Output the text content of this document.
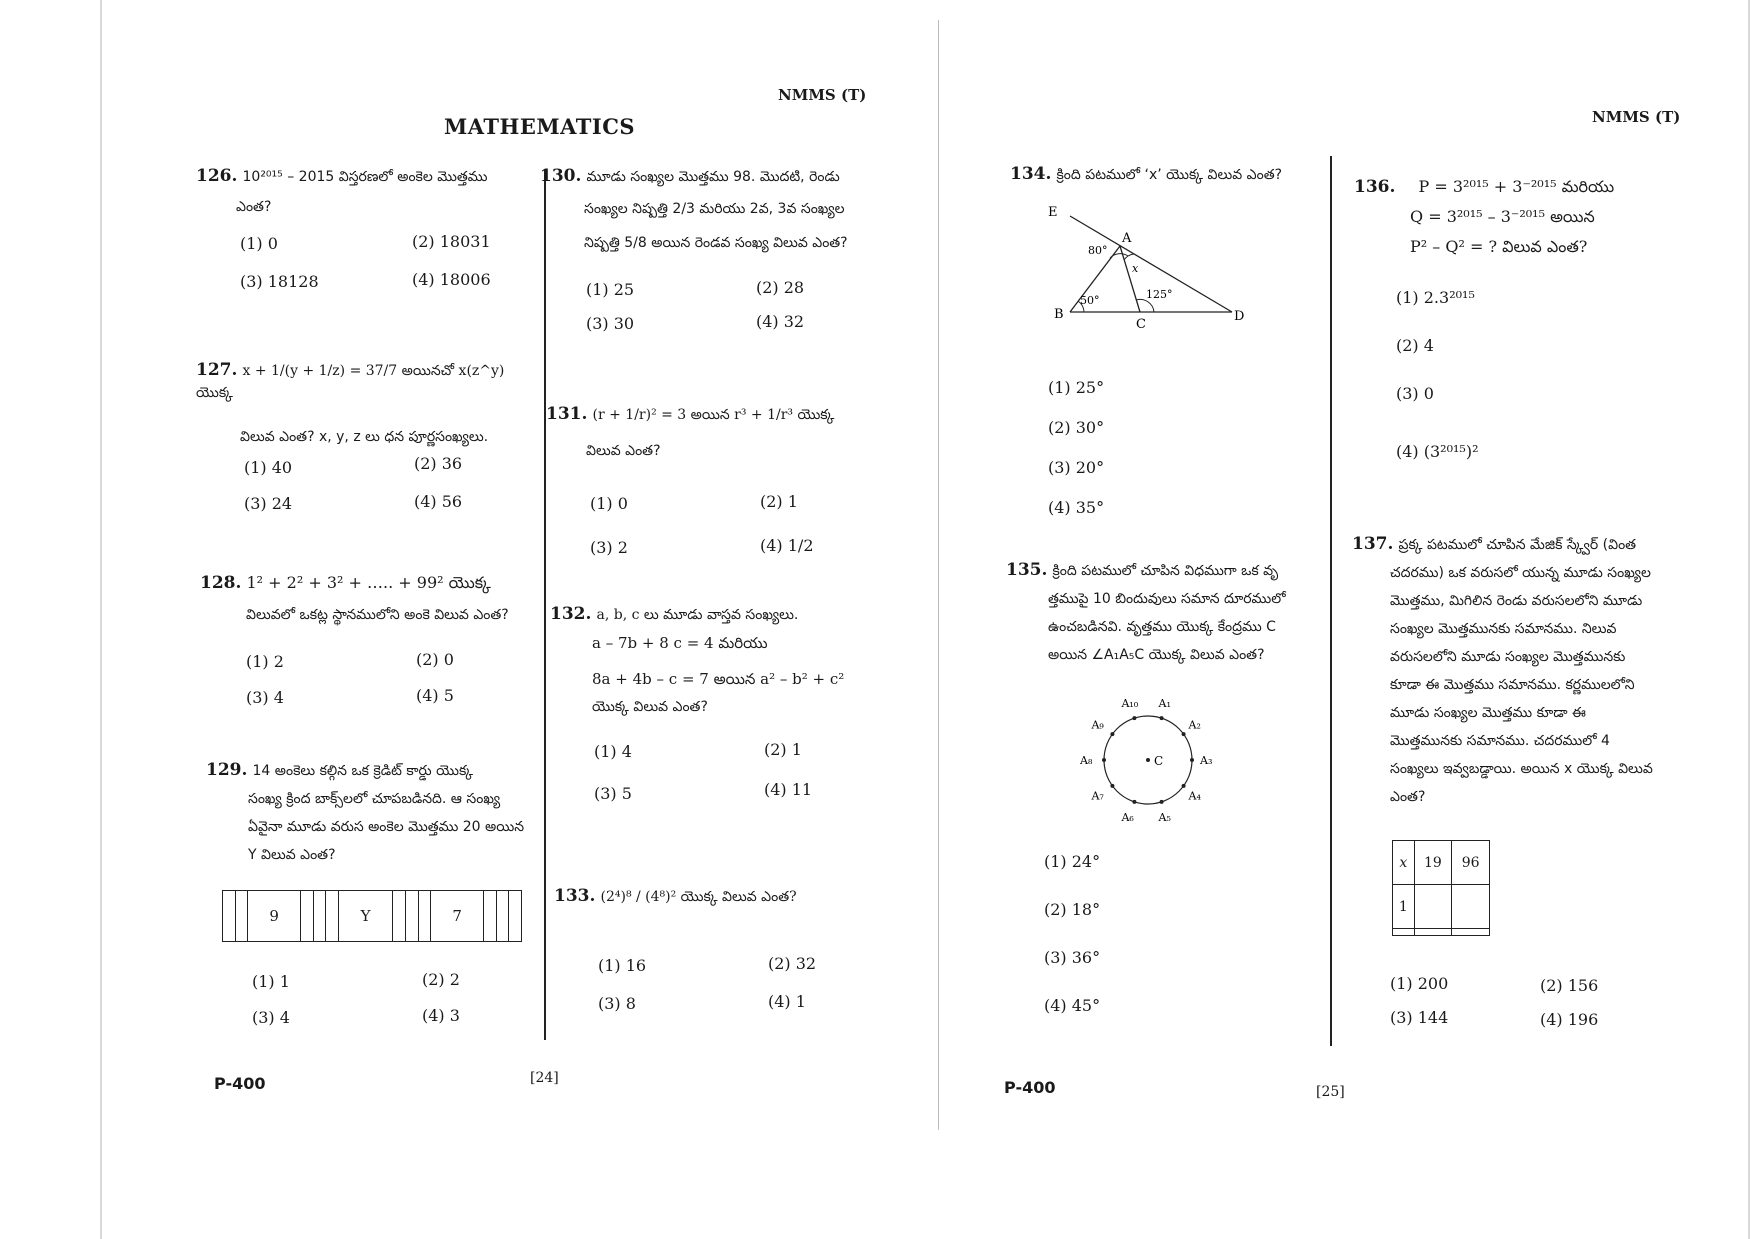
NMMS (T)
MATHEMATICS
126. 10²⁰¹⁵ – 2015 విస్తరణలో అంకెల మొత్తము
ఎంత?
(1) 0	(2) 18031
(3) 18128	(4) 18006
127. x + 1/(y + 1/z) = 37/7 అయినచో x(z^y) యొక్క
విలువ ఎంత? x, y, z లు ధన పూర్ణసంఖ్యలు.
(1) 40	(2) 36
(3) 24	(4) 56
128. 1² + 2² + 3² + ….. + 99² యొక్క
విలువలో ఒకట్ల స్థానములోని అంకె విలువ ఎంత?
(1) 2	(2) 0
(3) 4	(4) 5
129. 14 అంకెలు కల్గిన ఒక క్రెడిట్ కార్డు యొక్క
సంఖ్య క్రింద బాక్స్‌లలో చూపబడినది. ఆ సంఖ్య
ఏవైనా మూడు వరుస అంకెల మొత్తము 20 అయిన
Y విలువ ఎంత?
		9				Y				7			
(1) 1	(2) 2
(3) 4	(4) 3
130. మూడు సంఖ్యల మొత్తము 98. మొదటి, రెండు
సంఖ్యల నిష్పత్తి 2/3 మరియు 2వ, 3వ సంఖ్యల
నిష్పత్తి 5/8 అయిన రెండవ సంఖ్య విలువ ఎంత?
(1) 25	(2) 28
(3) 30	(4) 32
131. (r + 1/r)² = 3 అయిన r³ + 1/r³ యొక్క
విలువ ఎంత?
(1) 0	(2) 1
(3) 2	(4) 1/2
132. a, b, c లు మూడు వాస్తవ సంఖ్యలు.
a – 7b + 8 c = 4 మరియు
8a + 4b – c = 7 అయిన a² – b² + c²
యొక్క విలువ ఎంత?
(1) 4	(2) 1
(3) 5	(4) 11
133. (2⁴)⁸ / (4⁸)² యొక్క విలువ ఎంత?
(1) 16	(2) 32
(3) 8	(4) 1
P-400	[24]
NMMS (T)
134. క్రింది పటములో ‘x’ యొక్క విలువ ఎంత?
E
A
B
C
D
80°
x
50°	125°
(1) 25°
(2) 30°
(3) 20°
(4) 35°
135. క్రింది పటములో చూపిన విధముగా ఒక వృ
త్తముపై 10 బిందువులు సమాన దూరములో
ఉంచబడినవి. వృత్తము యొక్క కేంద్రము C
అయిన ∠A₁A₅C యొక్క విలువ ఎంత?
C
A₁₀ A₁
A₂
A₃
A₄
A₅
A₆
A₇
A₈
A₉
(1) 24°
(2) 18°
(3) 36°
(4) 45°
136. P = 3²⁰¹⁵ + 3⁻²⁰¹⁵ మరియు
Q = 3²⁰¹⁵ – 3⁻²⁰¹⁵ అయిన
P² – Q² = ? విలువ ఎంత?
(1) 2.3²⁰¹⁵
(2) 4
(3) 0
(4) (3²⁰¹⁵)²
137. ప్రక్క పటములో చూపిన మేజిక్ స్క్వేర్ (వింత
చదరము) ఒక వరుసలో యున్న మూడు సంఖ్యల
మొత్తము, మిగిలిన రెండు వరుసలలోని మూడు
సంఖ్యల మొత్తమునకు సమానము. నిలువ
వరుసలలోని మూడు సంఖ్యల మొత్తమునకు
కూడా ఈ మొత్తము సమానము. కర్ణములలోని
మూడు సంఖ్యల మొత్తము కూడా ఈ
మొత్తమునకు సమానము. చదరములో 4
సంఖ్యలు ఇవ్వబడ్డాయి. అయిన x యొక్క విలువ
ఎంత?
x	19	96
1		

(1) 200	(2) 156
(3) 144	(4) 196
P-400	[25]
